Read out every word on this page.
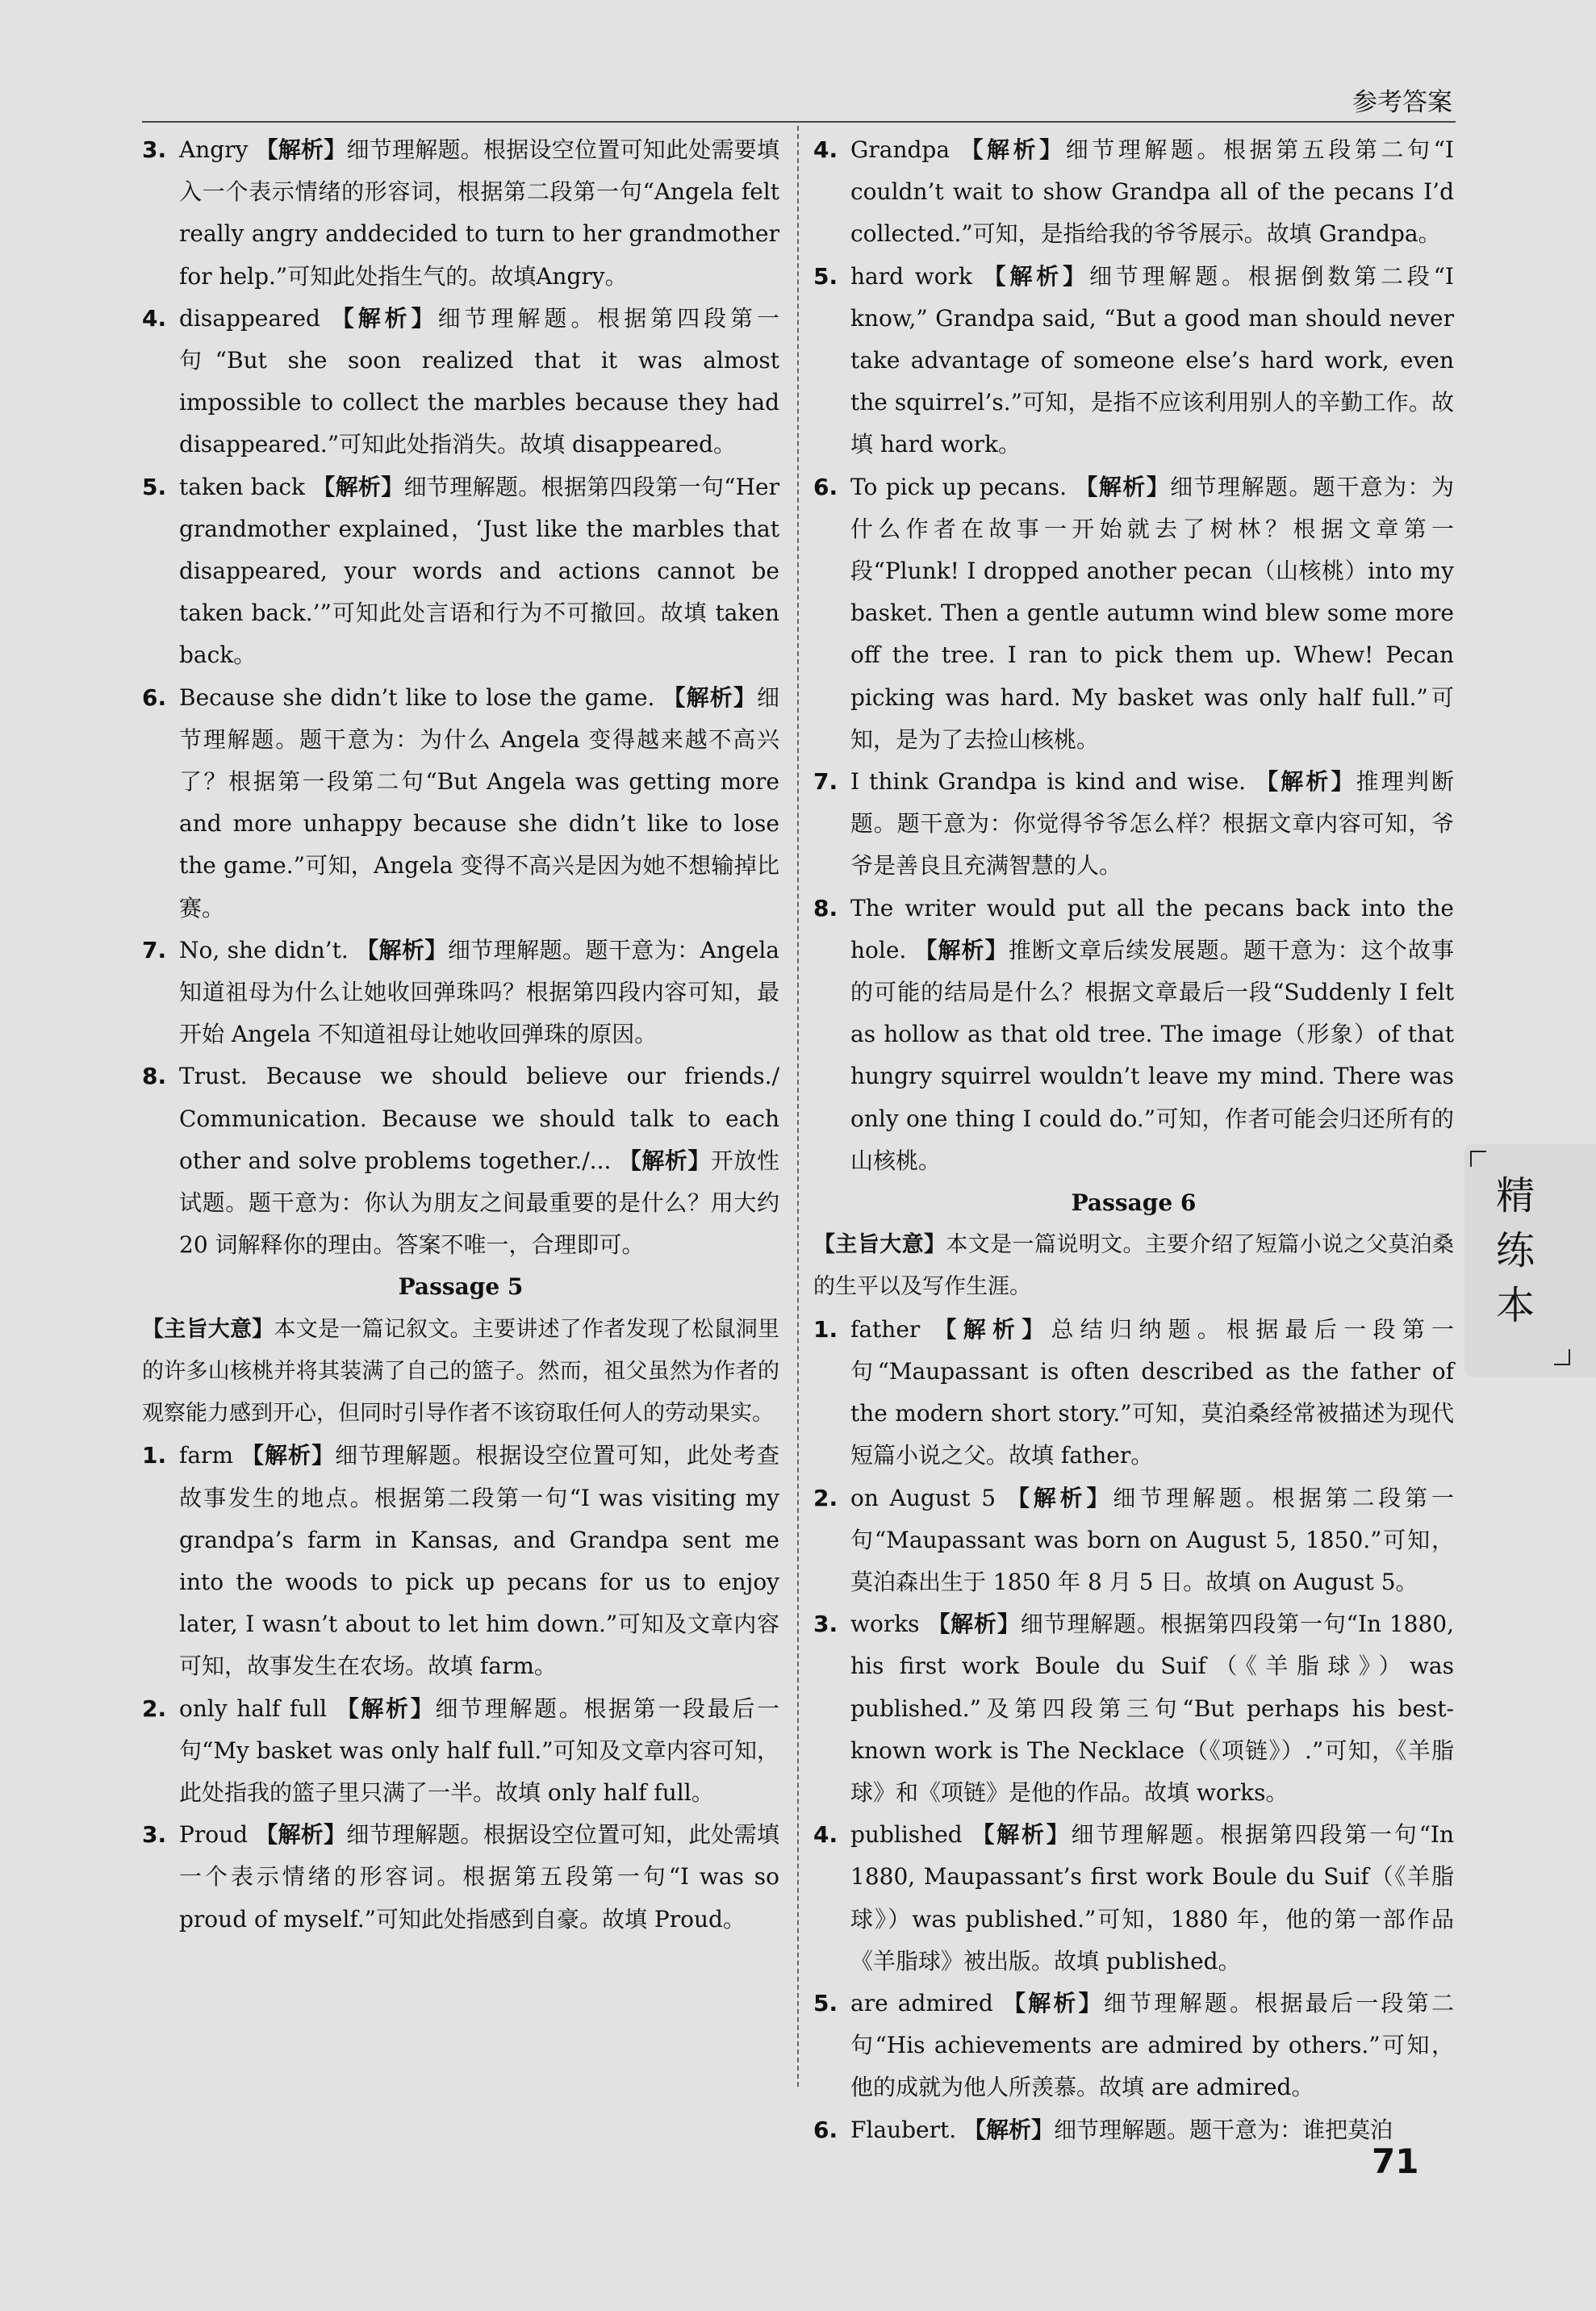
参考答案

3. Angry 【解析】细节理解题。根据设空位置可知此处需要填入一个表示情绪的形容词，根据第二段第一句“Angela felt really angry anddecided to turn to her grandmother for help.”可知此处指生气的。故填Angry。

4. disappeared 【解析】细节理解题。根据第四段第一句“But she soon realized that it was almost impossible to collect the marbles because they had disappeared.”可知此处指消失。故填 disappeared。

5. taken back 【解析】细节理解题。根据第四段第一句“Her grandmother explained，‘Just like the marbles that disappeared, your words and actions cannot be taken back.’”可知此处言语和行为不可撤回。故填 taken back。

6. Because she didn’t like to lose the game. 【解析】细节理解题。题干意为：为什么 Angela 变得越来越不高兴了？根据第一段第二句“But Angela was getting more and more unhappy because she didn’t like to lose the game.”可知，Angela 变得不高兴是因为她不想输掉比赛。

7. No, she didn’t. 【解析】细节理解题。题干意为：Angela 知道祖母为什么让她收回弹珠吗？根据第四段内容可知，最开始 Angela 不知道祖母让她收回弹珠的原因。

8. Trust. Because we should believe our friends./ Communication. Because we should talk to each other and solve problems together./... 【解析】开放性试题。题干意为：你认为朋友之间最重要的是什么？用大约 20 词解释你的理由。答案不唯一，合理即可。

Passage 5

【主旨大意】本文是一篇记叙文。主要讲述了作者发现了松鼠洞里的许多山核桃并将其装满了自己的篮子。然而，祖父虽然为作者的观察能力感到开心，但同时引导作者不该窃取任何人的劳动果实。

1. farm 【解析】细节理解题。根据设空位置可知，此处考查故事发生的地点。根据第二段第一句“I was visiting my grandpa’s farm in Kansas, and Grandpa sent me into the woods to pick up pecans for us to enjoy later, I wasn’t about to let him down.”可知及文章内容可知，故事发生在农场。故填 farm。

2. only half full 【解析】细节理解题。根据第一段最后一句“My basket was only half full.”可知及文章内容可知，此处指我的篮子里只满了一半。故填 only half full。

3. Proud 【解析】细节理解题。根据设空位置可知，此处需填一个表示情绪的形容词。根据第五段第一句“I was so proud of myself.”可知此处指感到自豪。故填 Proud。

4. Grandpa 【解析】细节理解题。根据第五段第二句“I couldn’t wait to show Grandpa all of the pecans I’d collected.”可知，是指给我的爷爷展示。故填 Grandpa。

5. hard work 【解析】细节理解题。根据倒数第二段“I know,” Grandpa said, “But a good man should never take advantage of someone else’s hard work, even the squirrel’s.”可知，是指不应该利用别人的辛勤工作。故填 hard work。

6. To pick up pecans. 【解析】细节理解题。题干意为：为什么作者在故事一开始就去了树林？根据文章第一段“Plunk! I dropped another pecan（山核桃）into my basket. Then a gentle autumn wind blew some more off the tree. I ran to pick them up. Whew! Pecan picking was hard. My basket was only half full.”可知，是为了去捡山核桃。

7. I think Grandpa is kind and wise. 【解析】推理判断题。题干意为：你觉得爷爷怎么样？根据文章内容可知，爷爷是善良且充满智慧的人。

8. The writer would put all the pecans back into the hole. 【解析】推断文章后续发展题。题干意为：这个故事的可能的结局是什么？根据文章最后一段“Suddenly I felt as hollow as that old tree. The image（形象）of that hungry squirrel wouldn’t leave my mind. There was only one thing I could do.”可知，作者可能会归还所有的山核桃。

Passage 6

【主旨大意】本文是一篇说明文。主要介绍了短篇小说之父莫泊桑的生平以及写作生涯。

1. father 【解析】总结归纳题。根据最后一段第一句“Maupassant is often described as the father of the modern short story.”可知，莫泊桑经常被描述为现代短篇小说之父。故填 father。

2. on August 5 【解析】细节理解题。根据第二段第一句“Maupassant was born on August 5, 1850.”可知，莫泊森出生于 1850 年 8 月 5 日。故填 on August 5。

3. works 【解析】细节理解题。根据第四段第一句“In 1880, his first work Boule du Suif（《羊脂球》）was published.”及第四段第三句“But perhaps his best-known work is The Necklace（《项链》）.”可知，《羊脂球》和《项链》是他的作品。故填 works。

4. published 【解析】细节理解题。根据第四段第一句“In 1880, Maupassant’s first work Boule du Suif（《羊脂球》）was published.”可知，1880 年，他的第一部作品《羊脂球》被出版。故填 published。

5. are admired 【解析】细节理解题。根据最后一段第二句“His achievements are admired by others.”可知，他的成就为他人所羡慕。故填 are admired。

6. Flaubert. 【解析】细节理解题。题干意为：谁把莫泊

精练本
71
